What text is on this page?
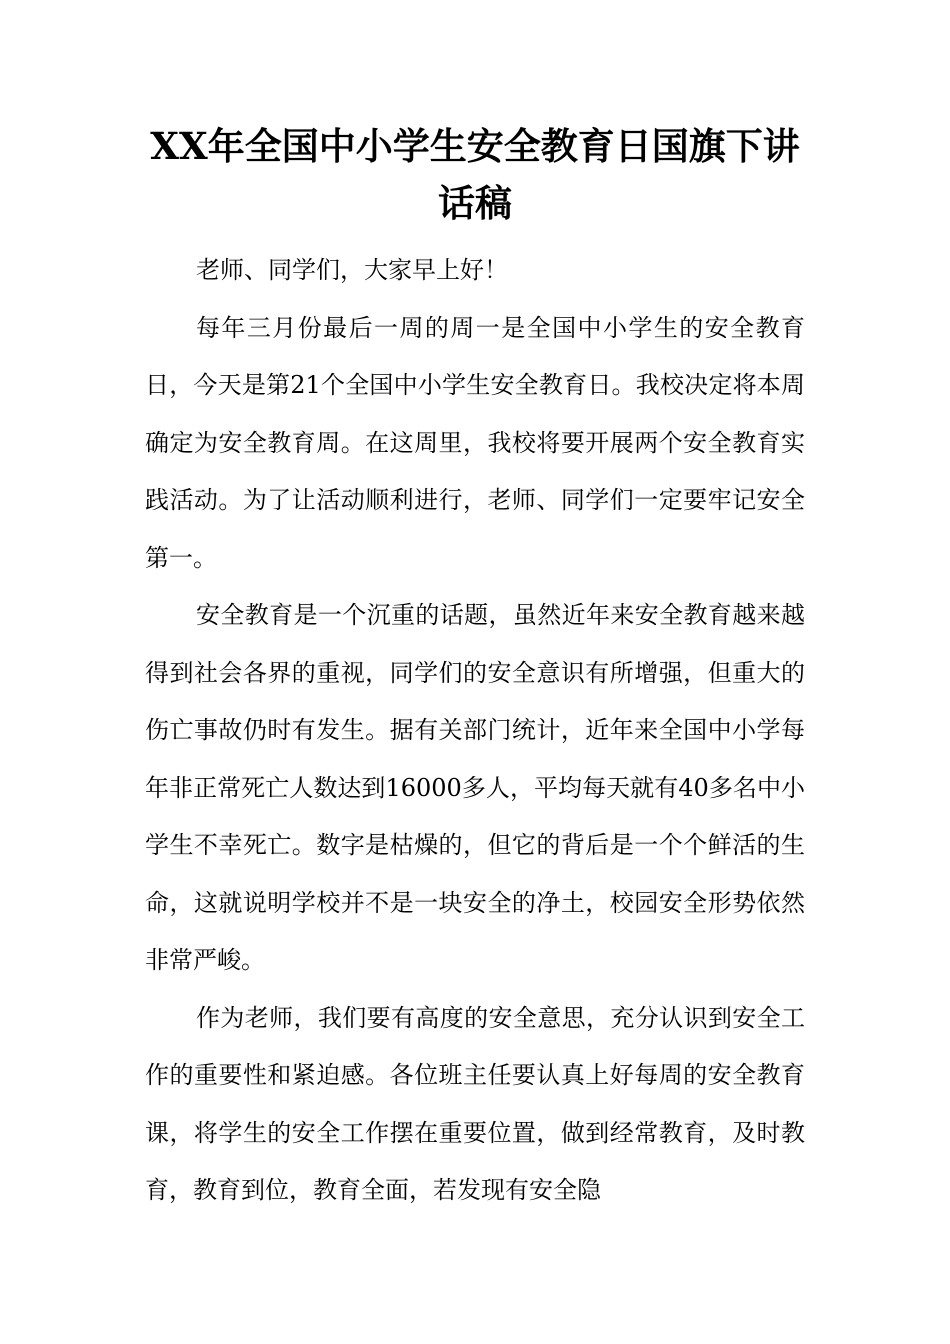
XX年全国中小学生安全教育日国旗下讲话稿

老师、同学们，大家早上好！

每年三月份最后一周的周一是全国中小学生的安全教育日，今天是第21个全国中小学生安全教育日。我校决定将本周确定为安全教育周。在这周里，我校将要开展两个安全教育实践活动。为了让活动顺利进行，老师、同学们一定要牢记安全第一。

安全教育是一个沉重的话题，虽然近年来安全教育越来越得到社会各界的重视，同学们的安全意识有所增强，但重大的伤亡事故仍时有发生。据有关部门统计，近年来全国中小学每年非正常死亡人数达到16000多人，平均每天就有40多名中小学生不幸死亡。数字是枯燥的，但它的背后是一个个鲜活的生命，这就说明学校并不是一块安全的净土，校园安全形势依然非常严峻。

作为老师，我们要有高度的安全意思，充分认识到安全工作的重要性和紧迫感。各位班主任要认真上好每周的安全教育课，将学生的安全工作摆在重要位置，做到经常教育，及时教育，教育到位，教育全面，若发现有安全隐
